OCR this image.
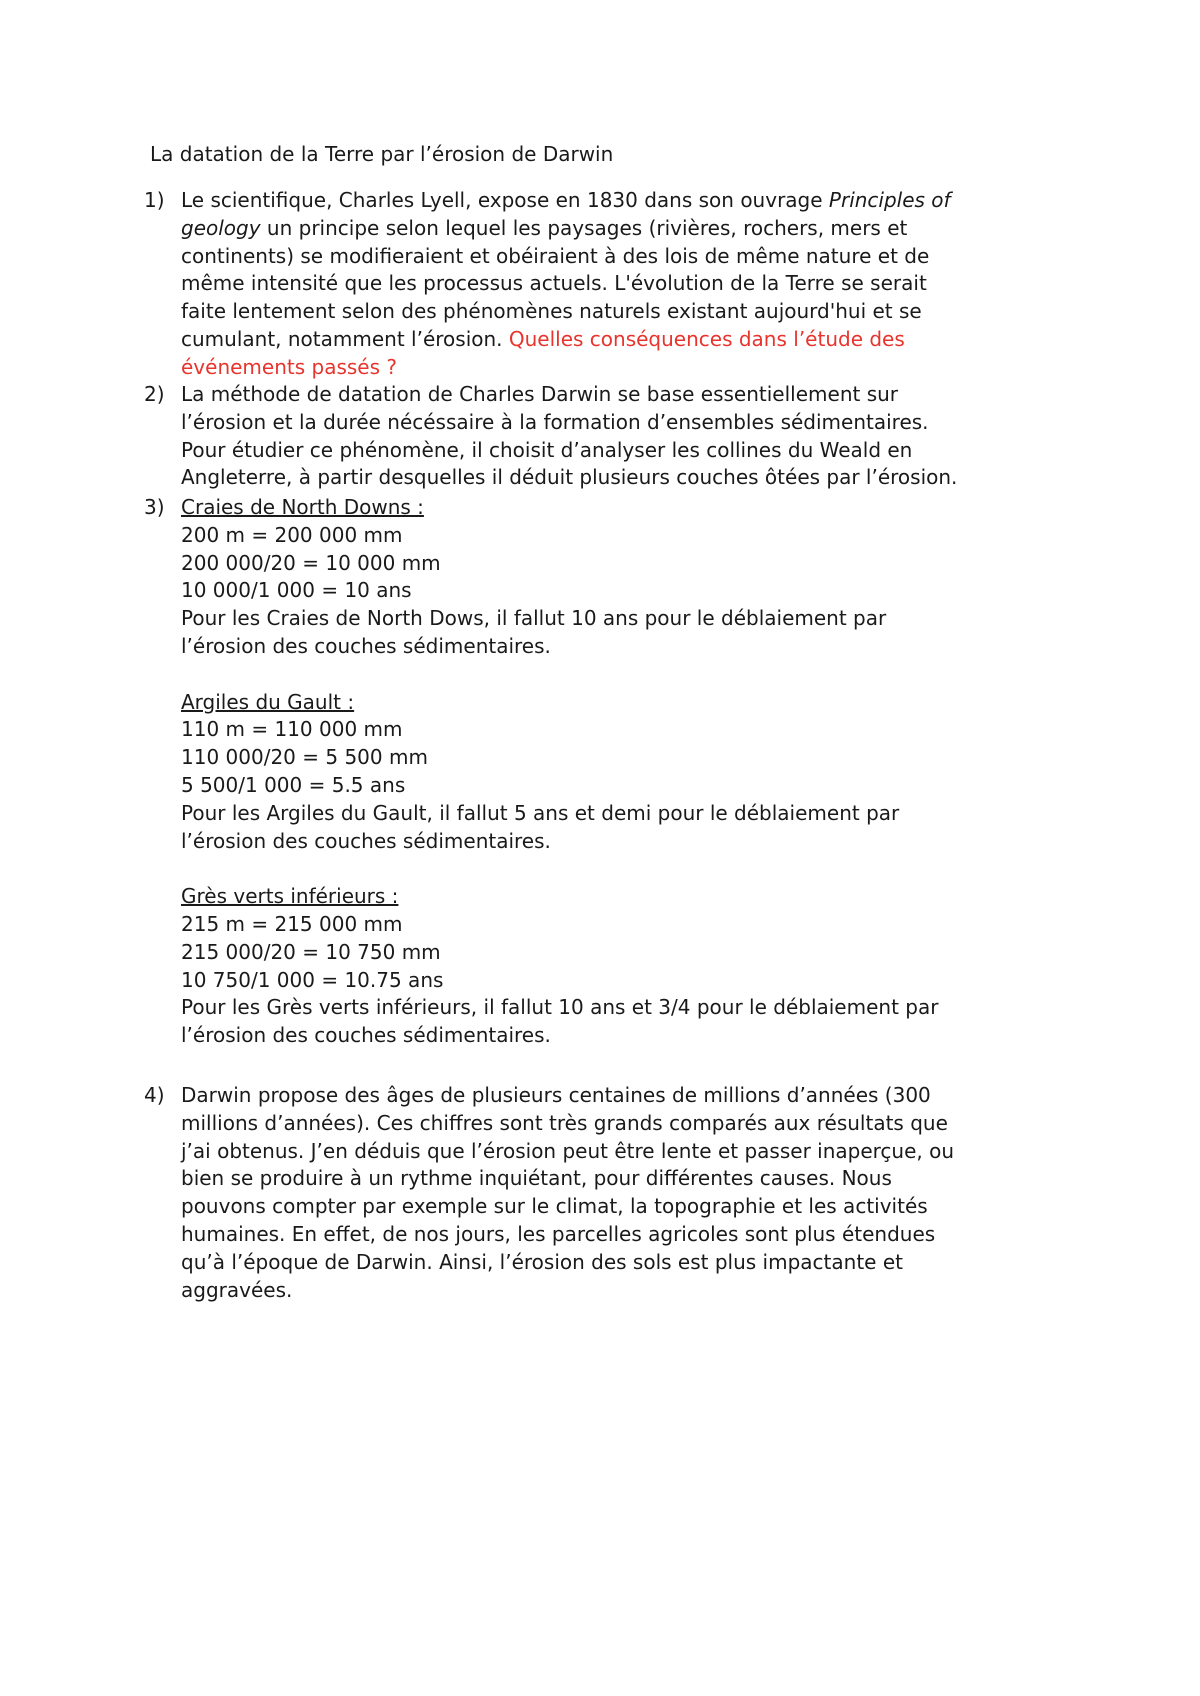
La datation de la Terre par l’érosion de Darwin
1) Le scientifique, Charles Lyell, expose en 1830 dans son ouvrage Principles of
geology un principe selon lequel les paysages (rivières, rochers, mers et
continents) se modifieraient et obéiraient à des lois de même nature et de
même intensité que les processus actuels. L'évolution de la Terre se serait
faite lentement selon des phénomènes naturels existant aujourd'hui et se
cumulant, notamment l’érosion. Quelles conséquences dans l’étude des
événements passés ?
2) La méthode de datation de Charles Darwin se base essentiellement sur
l’érosion et la durée nécéssaire à la formation d’ensembles sédimentaires.
Pour étudier ce phénomène, il choisit d’analyser les collines du Weald en
Angleterre, à partir desquelles il déduit plusieurs couches ôtées par l’érosion.
3) Craies de North Downs :
200 m = 200 000 mm
200 000/20 = 10 000 mm
10 000/1 000 = 10 ans
Pour les Craies de North Dows, il fallut 10 ans pour le déblaiement par
l’érosion des couches sédimentaires.
Argiles du Gault :
110 m = 110 000 mm
110 000/20 = 5 500 mm
5 500/1 000 = 5.5 ans
Pour les Argiles du Gault, il fallut 5 ans et demi pour le déblaiement par
l’érosion des couches sédimentaires.
Grès verts inférieurs :
215 m = 215 000 mm
215 000/20 = 10 750 mm
10 750/1 000 = 10.75 ans
Pour les Grès verts inférieurs, il fallut 10 ans et 3/4 pour le déblaiement par
l’érosion des couches sédimentaires.
4) Darwin propose des âges de plusieurs centaines de millions d’années (300
millions d’années). Ces chiffres sont très grands comparés aux résultats que
j’ai obtenus. J’en déduis que l’érosion peut être lente et passer inaperçue, ou
bien se produire à un rythme inquiétant, pour différentes causes. Nous
pouvons compter par exemple sur le climat, la topographie et les activités
humaines. En effet, de nos jours, les parcelles agricoles sont plus étendues
qu’à l’époque de Darwin. Ainsi, l’érosion des sols est plus impactante et
aggravées.
